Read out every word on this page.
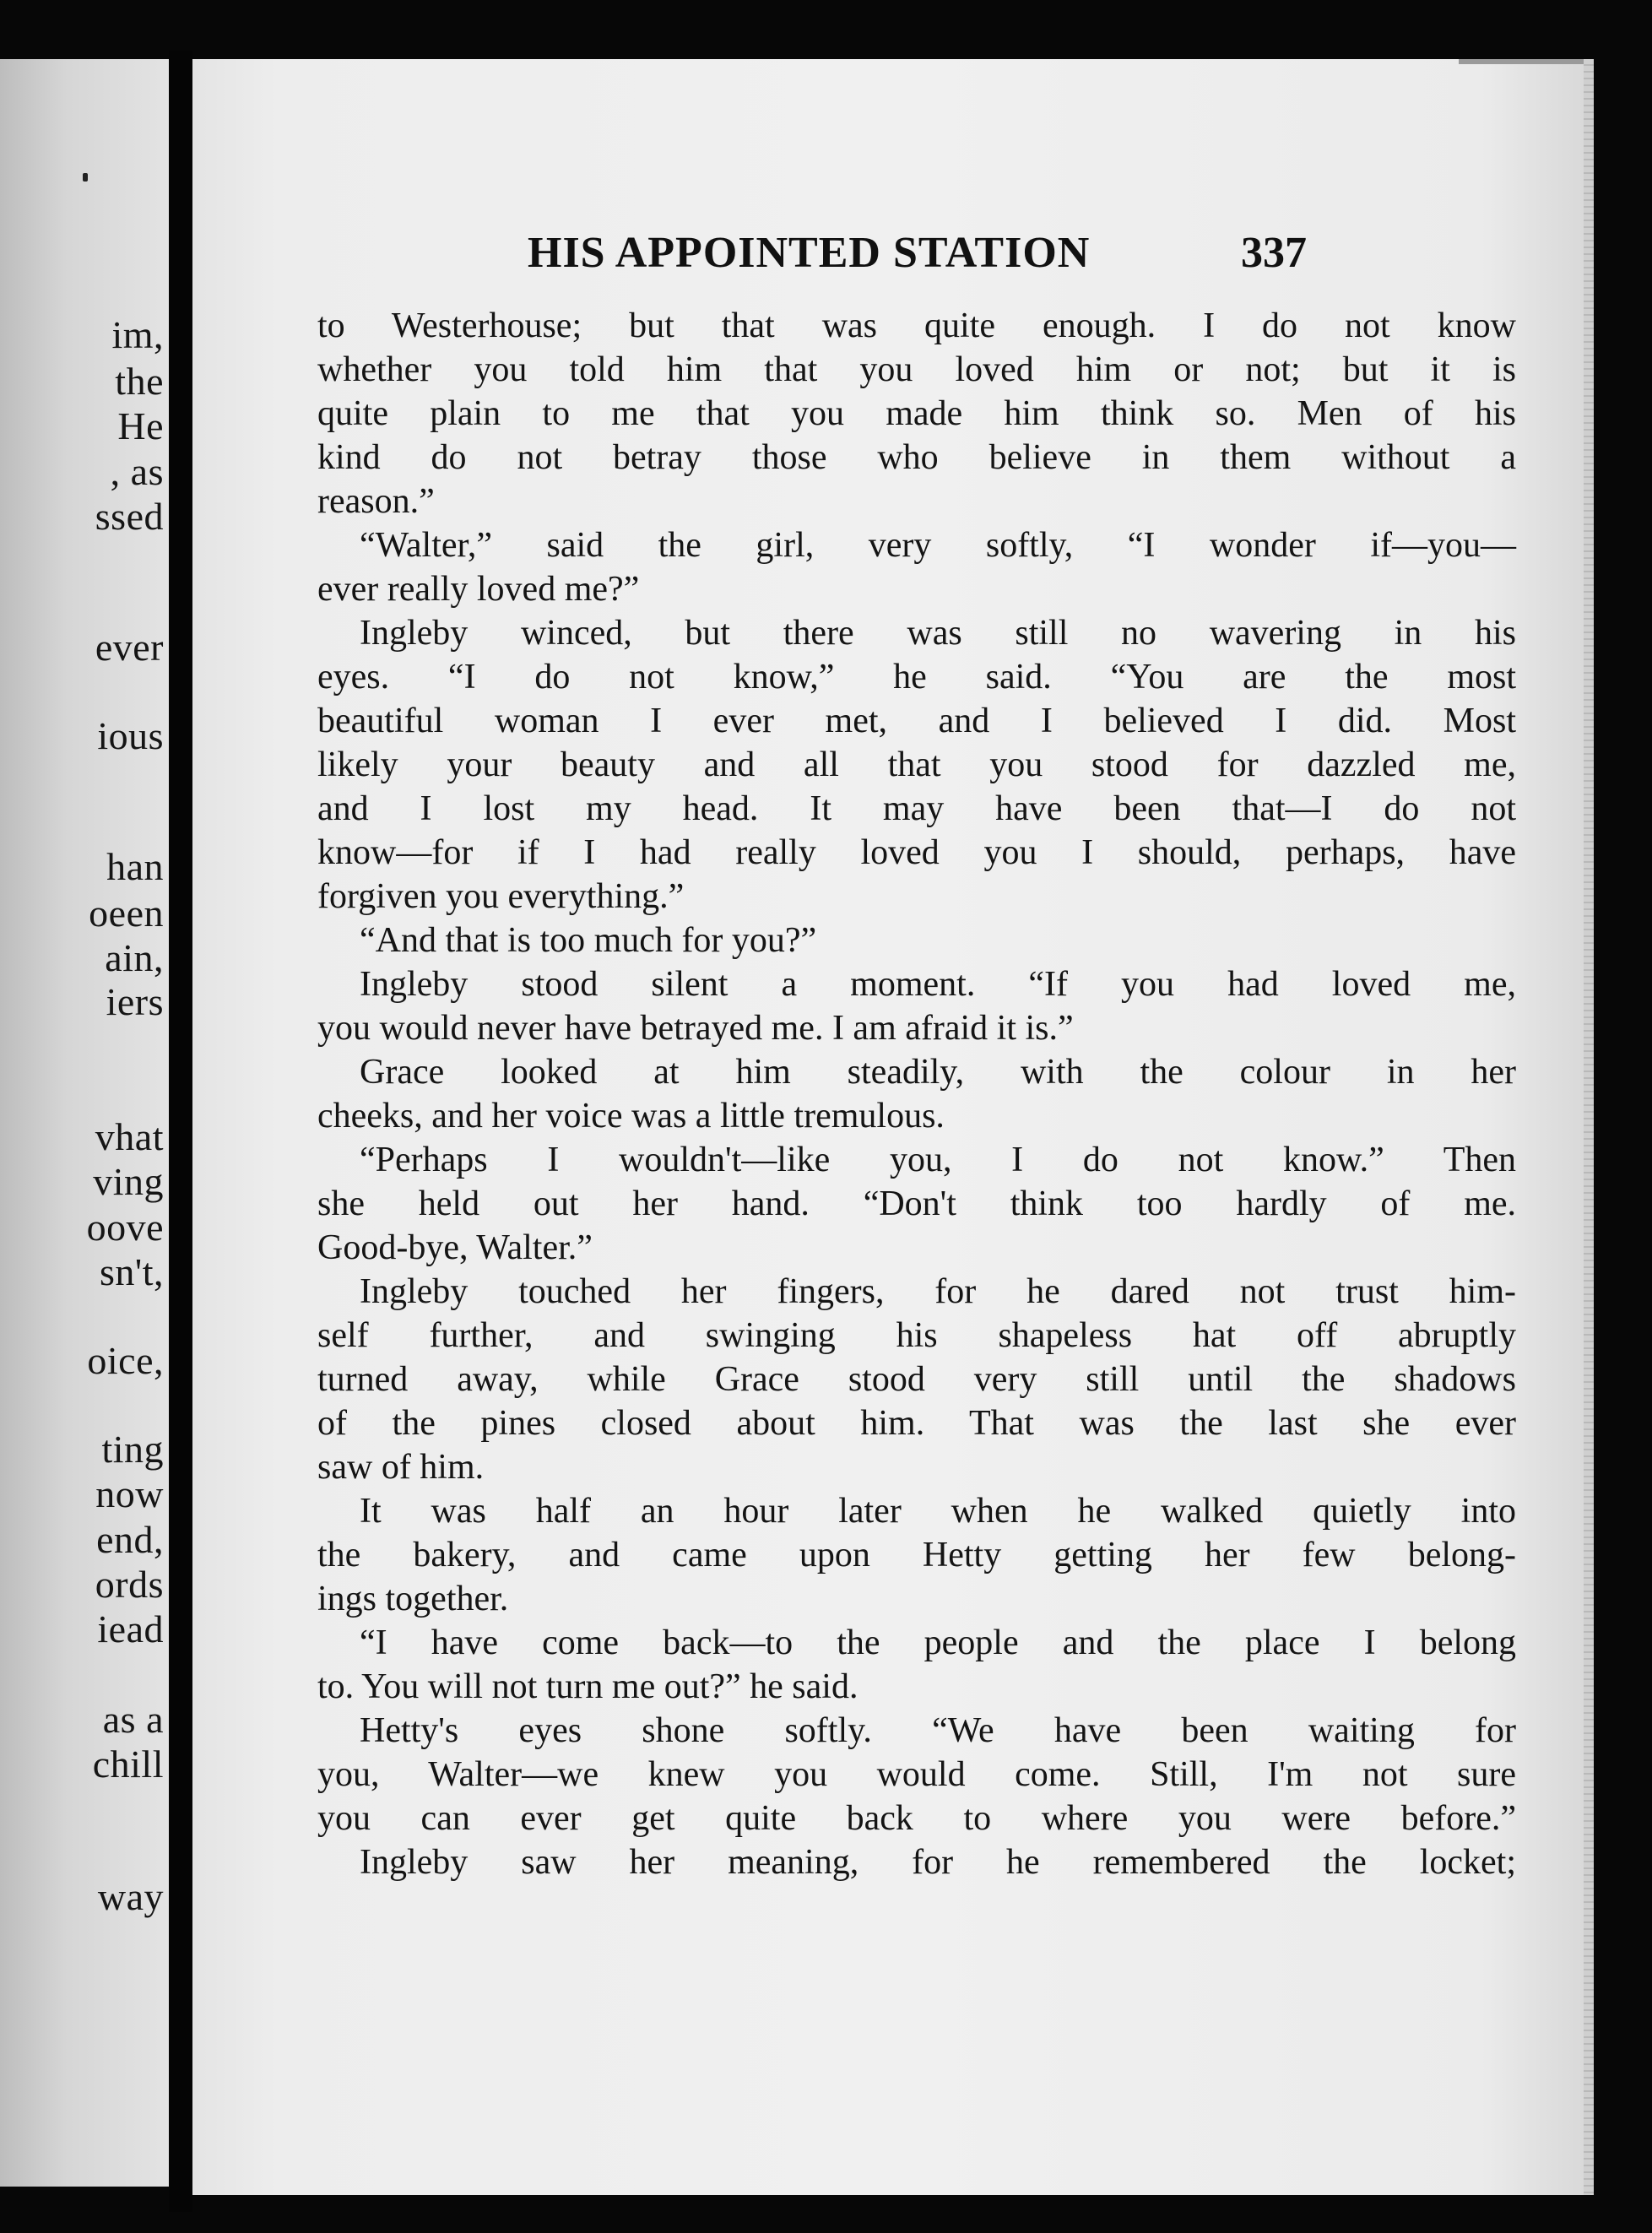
im,
the
He
, as
ssed
ever
ious
han
oeen
ain,
iers
vhat
ving
oove
sn't,
oice,
ting
now
end,
ords
iead
as a
chill
way
HIS APPOINTED STATION	337
to Westerhouse; but that was quite enough. I do not know
whether you told him that you loved him or not; but it is
quite plain to me that you made him think so. Men of his
kind do not betray those who believe in them without a
reason.”
“Walter,” said the girl, very softly, “I wonder if—you—
ever really loved me?”
Ingleby winced, but there was still no wavering in his
eyes. “I do not know,” he said. “You are the most
beautiful woman I ever met, and I believed I did. Most
likely your beauty and all that you stood for dazzled me,
and I lost my head. It may have been that—I do not
know—for if I had really loved you I should, perhaps, have
forgiven you everything.”
“And that is too much for you?”
Ingleby stood silent a moment. “If you had loved me,
you would never have betrayed me. I am afraid it is.”
Grace looked at him steadily, with the colour in her
cheeks, and her voice was a little tremulous.
“Perhaps I wouldn't—like you, I do not know.” Then
she held out her hand. “Don't think too hardly of me.
Good-bye, Walter.”
Ingleby touched her fingers, for he dared not trust him-
self further, and swinging his shapeless hat off abruptly
turned away, while Grace stood very still until the shadows
of the pines closed about him. That was the last she ever
saw of him.
It was half an hour later when he walked quietly into
the bakery, and came upon Hetty getting her few belong-
ings together.
“I have come back—to the people and the place I belong
to. You will not turn me out?” he said.
Hetty's eyes shone softly. “We have been waiting for
you, Walter—we knew you would come. Still, I'm not sure
you can ever get quite back to where you were before.”
Ingleby saw her meaning, for he remembered the locket;
